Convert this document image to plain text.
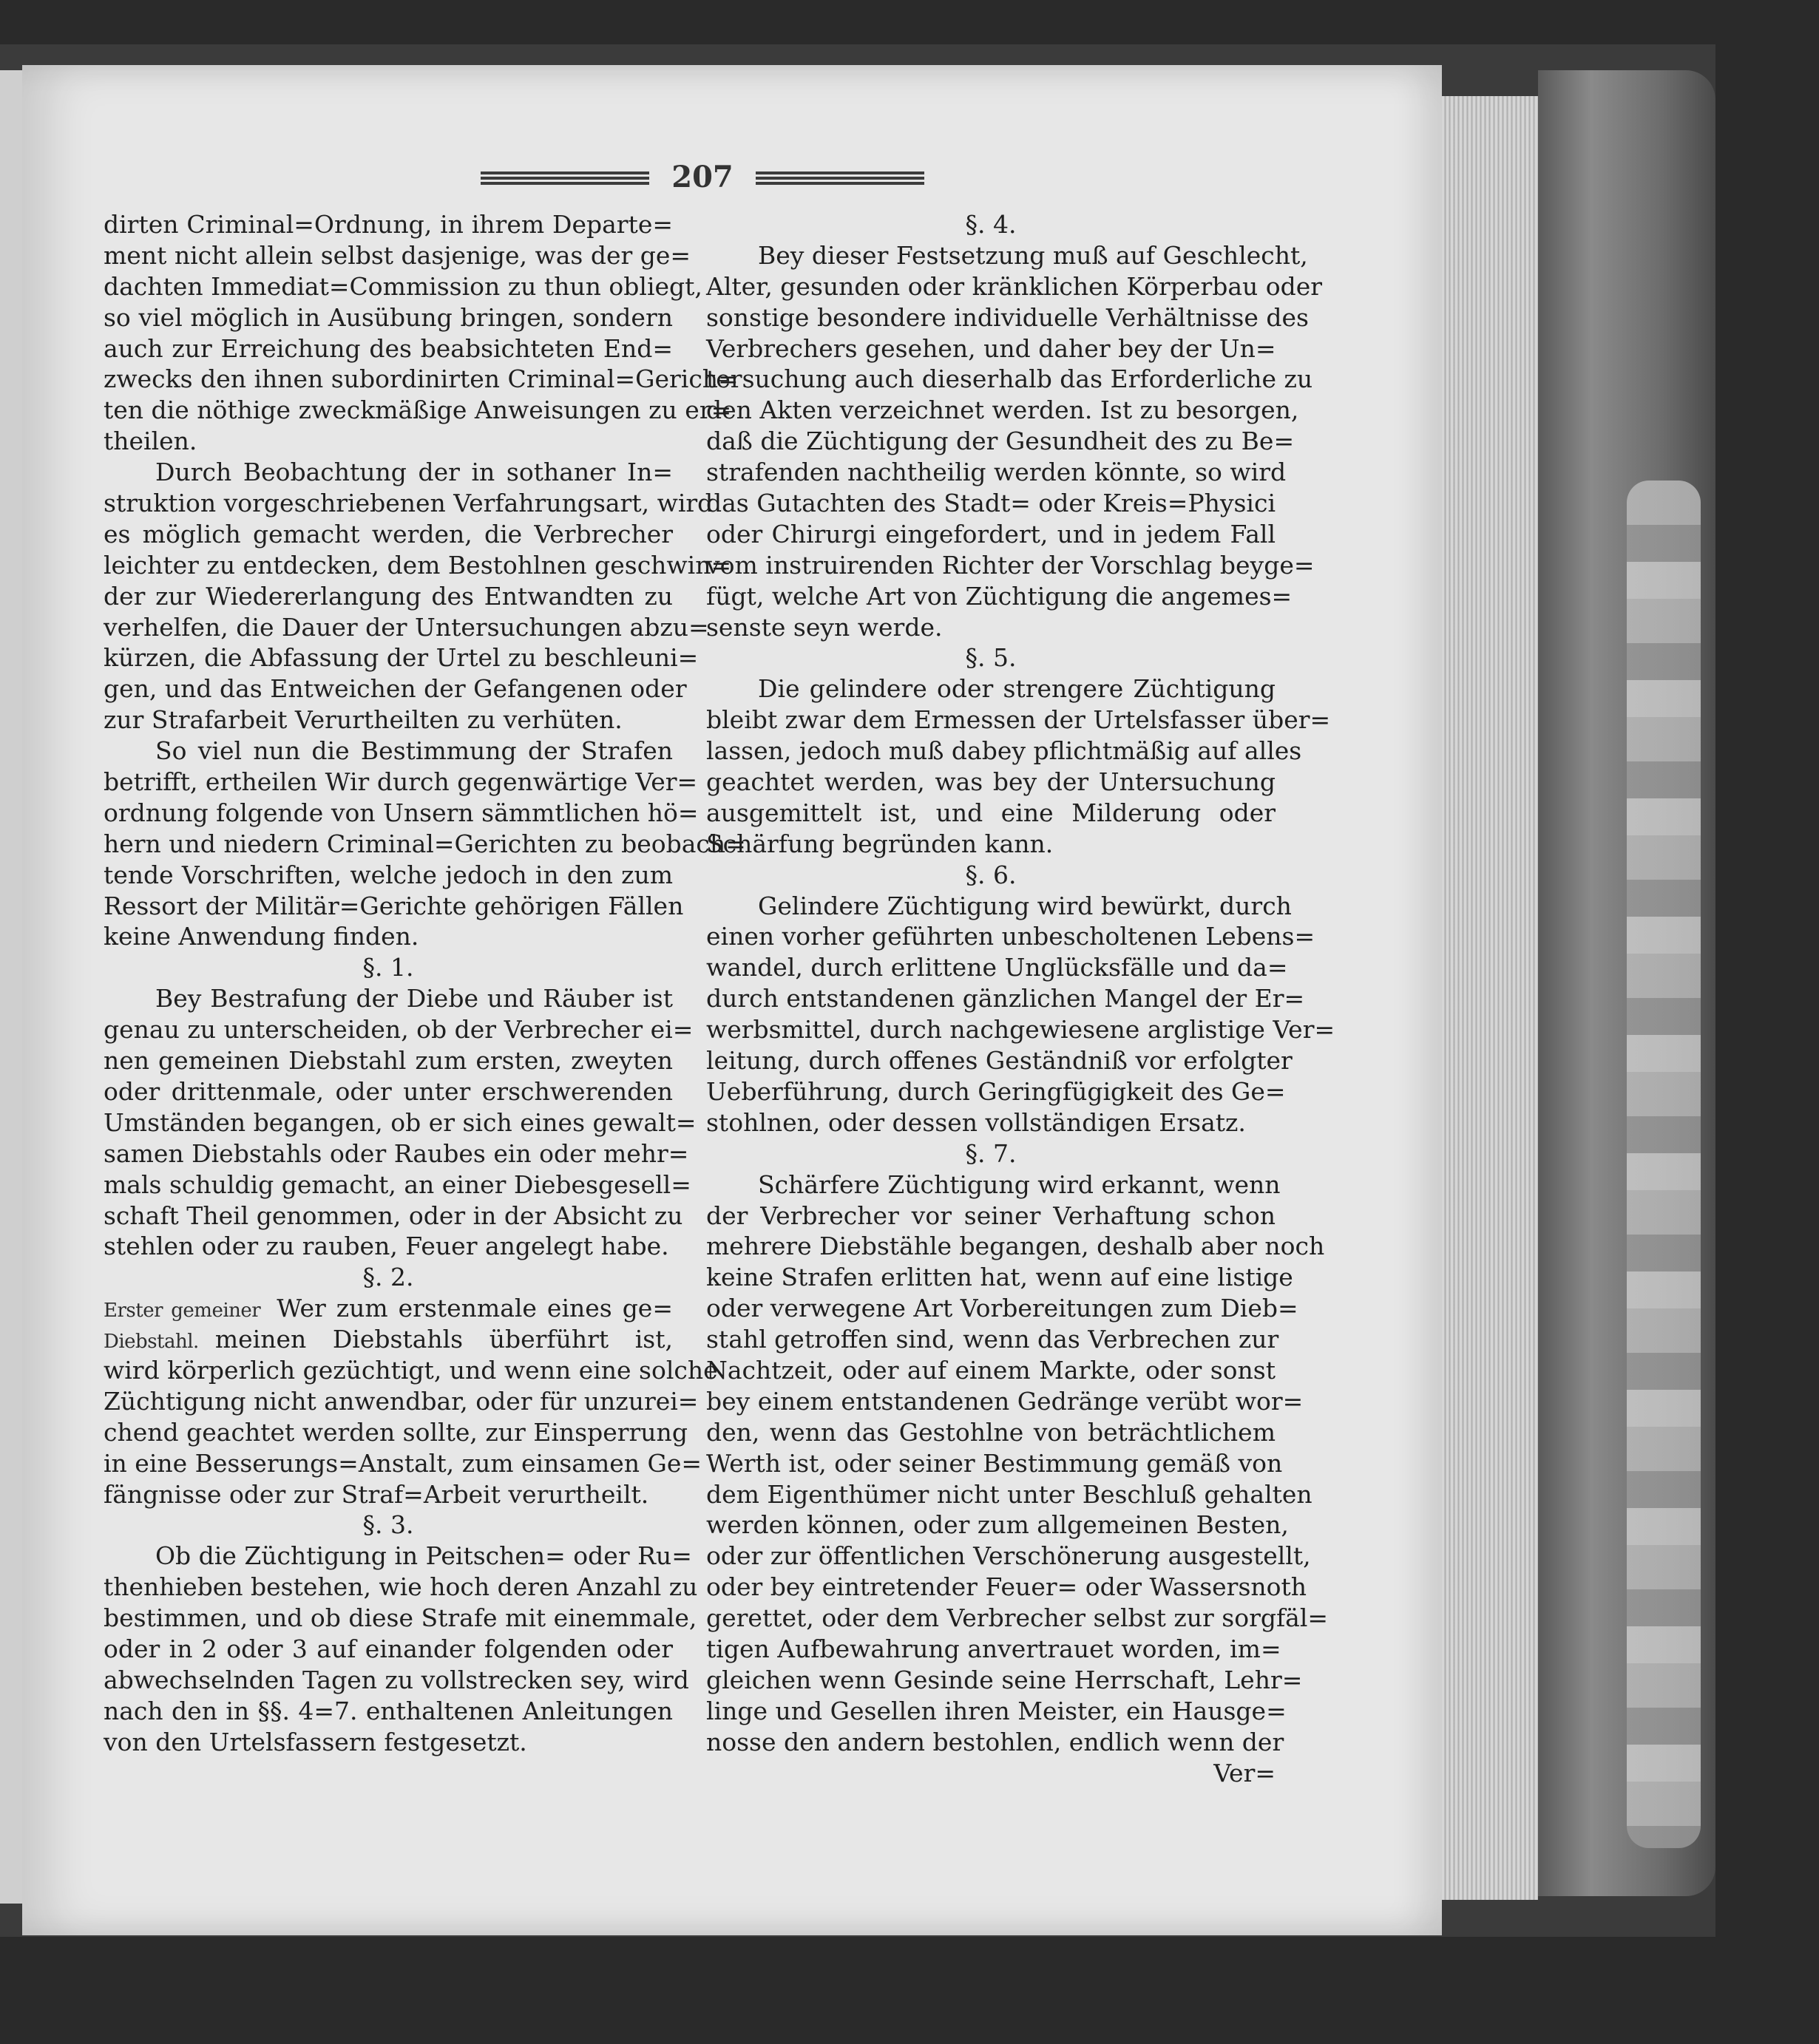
207
dirten Criminal=Ordnung, in ihrem Departe=
ment nicht allein selbst dasjenige, was der ge=
dachten Immediat=Commission zu thun obliegt,
so viel möglich in Ausübung bringen, sondern
auch zur Erreichung des beabsichteten End=
zwecks den ihnen subordinirten Criminal=Gerich=
ten die nöthige zweckmäßige Anweisungen zu er=
theilen.
Durch Beobachtung der in sothaner In=
struktion vorgeschriebenen Verfahrungsart, wird
es möglich gemacht werden, die Verbrecher
leichter zu entdecken, dem Bestohlnen geschwin=
der zur Wiedererlangung des Entwandten zu
verhelfen, die Dauer der Untersuchungen abzu=
kürzen, die Abfassung der Urtel zu beschleuni=
gen, und das Entweichen der Gefangenen oder
zur Strafarbeit Verurtheilten zu verhüten.
So viel nun die Bestimmung der Strafen
betrifft, ertheilen Wir durch gegenwärtige Ver=
ordnung folgende von Unsern sämmtlichen hö=
hern und niedern Criminal=Gerichten zu beobach=
tende Vorschriften, welche jedoch in den zum
Ressort der Militär=Gerichte gehörigen Fällen
keine Anwendung finden.
§. 1.
Bey Bestrafung der Diebe und Räuber ist
genau zu unterscheiden, ob der Verbrecher ei=
nen gemeinen Diebstahl zum ersten, zweyten
oder drittenmale, oder unter erschwerenden
Umständen begangen, ob er sich eines gewalt=
samen Diebstahls oder Raubes ein oder mehr=
mals schuldig gemacht, an einer Diebesgesell=
schaft Theil genommen, oder in der Absicht zu
stehlen oder zu rauben, Feuer angelegt habe.
§. 2.
Erster gemeiner Wer zum erstenmale eines ge=
Diebstahl. meinen Diebstahls überführt ist,
wird körperlich gezüchtigt, und wenn eine solche
Züchtigung nicht anwendbar, oder für unzurei=
chend geachtet werden sollte, zur Einsperrung
in eine Besserungs=Anstalt, zum einsamen Ge=
fängnisse oder zur Straf=Arbeit verurtheilt.
§. 3.
Ob die Züchtigung in Peitschen= oder Ru=
thenhieben bestehen, wie hoch deren Anzahl zu
bestimmen, und ob diese Strafe mit einemmale,
oder in 2 oder 3 auf einander folgenden oder
abwechselnden Tagen zu vollstrecken sey, wird
nach den in §§. 4=7. enthaltenen Anleitungen
von den Urtelsfassern festgesetzt.
§. 4.
Bey dieser Festsetzung muß auf Geschlecht,
Alter, gesunden oder kränklichen Körperbau oder
sonstige besondere individuelle Verhältnisse des
Verbrechers gesehen, und daher bey der Un=
tersuchung auch dieserhalb das Erforderliche zu
den Akten verzeichnet werden. Ist zu besorgen,
daß die Züchtigung der Gesundheit des zu Be=
strafenden nachtheilig werden könnte, so wird
das Gutachten des Stadt= oder Kreis=Physici
oder Chirurgi eingefordert, und in jedem Fall
vom instruirenden Richter der Vorschlag beyge=
fügt, welche Art von Züchtigung die angemes=
senste seyn werde.
§. 5.
Die gelindere oder strengere Züchtigung
bleibt zwar dem Ermessen der Urtelsfasser über=
lassen, jedoch muß dabey pflichtmäßig auf alles
geachtet werden, was bey der Untersuchung
ausgemittelt ist, und eine Milderung oder
Schärfung begründen kann.
§. 6.
Gelindere Züchtigung wird bewürkt, durch
einen vorher geführten unbescholtenen Lebens=
wandel, durch erlittene Unglücksfälle und da=
durch entstandenen gänzlichen Mangel der Er=
werbsmittel, durch nachgewiesene arglistige Ver=
leitung, durch offenes Geständniß vor erfolgter
Ueberführung, durch Geringfügigkeit des Ge=
stohlnen, oder dessen vollständigen Ersatz.
§. 7.
Schärfere Züchtigung wird erkannt, wenn
der Verbrecher vor seiner Verhaftung schon
mehrere Diebstähle begangen, deshalb aber noch
keine Strafen erlitten hat, wenn auf eine listige
oder verwegene Art Vorbereitungen zum Dieb=
stahl getroffen sind, wenn das Verbrechen zur
Nachtzeit, oder auf einem Markte, oder sonst
bey einem entstandenen Gedränge verübt wor=
den, wenn das Gestohlne von beträchtlichem
Werth ist, oder seiner Bestimmung gemäß von
dem Eigenthümer nicht unter Beschluß gehalten
werden können, oder zum allgemeinen Besten,
oder zur öffentlichen Verschönerung ausgestellt,
oder bey eintretender Feuer= oder Wassersnoth
gerettet, oder dem Verbrecher selbst zur sorgfäl=
tigen Aufbewahrung anvertrauet worden, im=
gleichen wenn Gesinde seine Herrschaft, Lehr=
linge und Gesellen ihren Meister, ein Hausge=
nosse den andern bestohlen, endlich wenn der
Ver=
